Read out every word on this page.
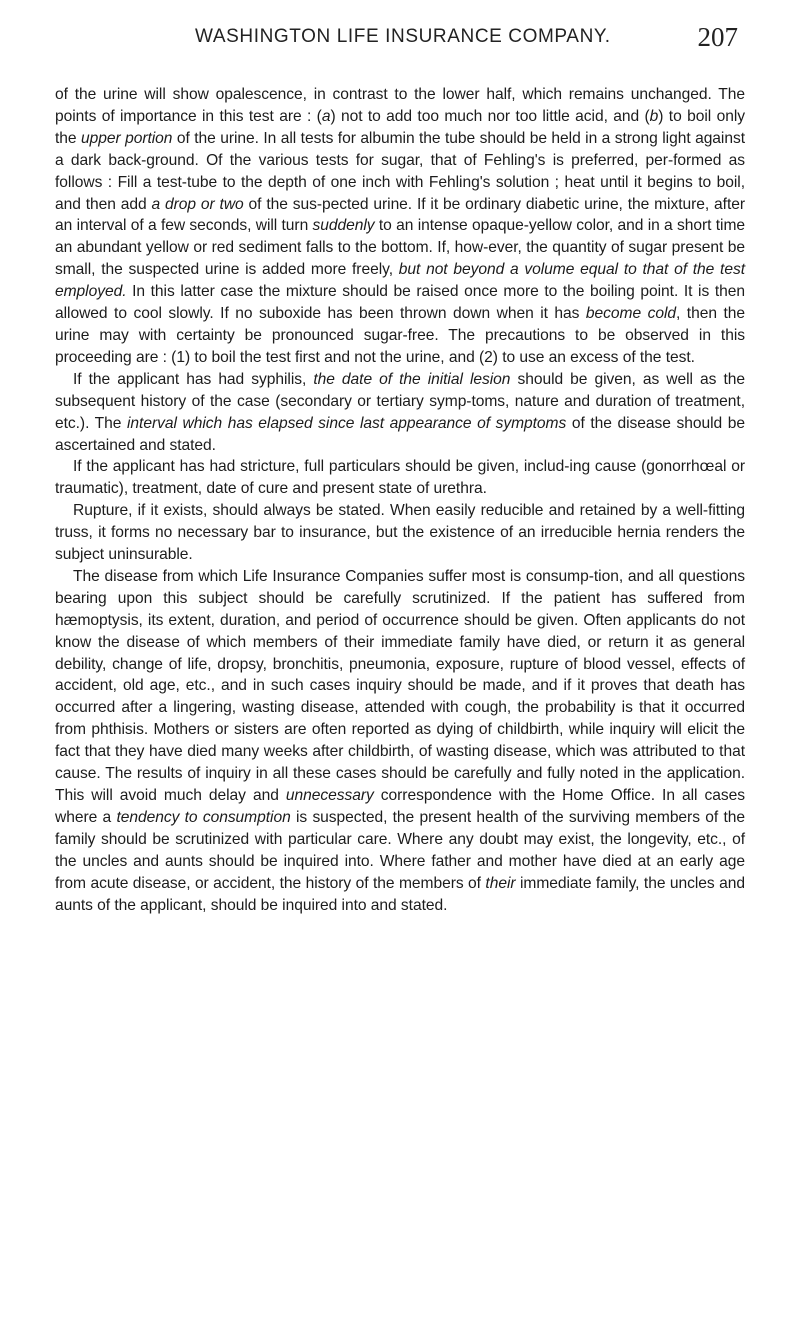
WASHINGTON LIFE INSURANCE COMPANY.	207

of the urine will show opalescence, in contrast to the lower half, which remains unchanged. The points of importance in this test are : (a) not to add too much nor too little acid, and (b) to boil only the upper portion of the urine. In all tests for albumin the tube should be held in a strong light against a dark back-ground. Of the various tests for sugar, that of Fehling's is preferred, per-formed as follows : Fill a test-tube to the depth of one inch with Fehling's solution ; heat until it begins to boil, and then add a drop or two of the sus-pected urine. If it be ordinary diabetic urine, the mixture, after an interval of a few seconds, will turn suddenly to an intense opaque-yellow color, and in a short time an abundant yellow or red sediment falls to the bottom. If, how-ever, the quantity of sugar present be small, the suspected urine is added more freely, but not beyond a volume equal to that of the test employed. In this latter case the mixture should be raised once more to the boiling point. It is then allowed to cool slowly. If no suboxide has been thrown down when it has become cold, then the urine may with certainty be pronounced sugar-free. The precautions to be observed in this proceeding are : (1) to boil the test first and not the urine, and (2) to use an excess of the test.

If the applicant has had syphilis, the date of the initial lesion should be given, as well as the subsequent history of the case (secondary or tertiary symp-toms, nature and duration of treatment, etc.). The interval which has elapsed since last appearance of symptoms of the disease should be ascertained and stated.

If the applicant has had stricture, full particulars should be given, includ-ing cause (gonorrhœal or traumatic), treatment, date of cure and present state of urethra.

Rupture, if it exists, should always be stated. When easily reducible and retained by a well-fitting truss, it forms no necessary bar to insurance, but the existence of an irreducible hernia renders the subject uninsurable.

The disease from which Life Insurance Companies suffer most is consump-tion, and all questions bearing upon this subject should be carefully scrutinized. If the patient has suffered from hæmoptysis, its extent, duration, and period of occurrence should be given. Often applicants do not know the disease of which members of their immediate family have died, or return it as general debility, change of life, dropsy, bronchitis, pneumonia, exposure, rupture of blood vessel, effects of accident, old age, etc., and in such cases inquiry should be made, and if it proves that death has occurred after a lingering, wasting disease, attended with cough, the probability is that it occurred from phthisis. Mothers or sisters are often reported as dying of childbirth, while inquiry will elicit the fact that they have died many weeks after childbirth, of wasting disease, which was attributed to that cause. The results of inquiry in all these cases should be carefully and fully noted in the application. This will avoid much delay and unnecessary correspondence with the Home Office. In all cases where a tendency to consumption is suspected, the present health of the surviving members of the family should be scrutinized with particular care. Where any doubt may exist, the longevity, etc., of the uncles and aunts should be inquired into. Where father and mother have died at an early age from acute disease, or accident, the history of the members of their immediate family, the uncles and aunts of the applicant, should be inquired into and stated.
